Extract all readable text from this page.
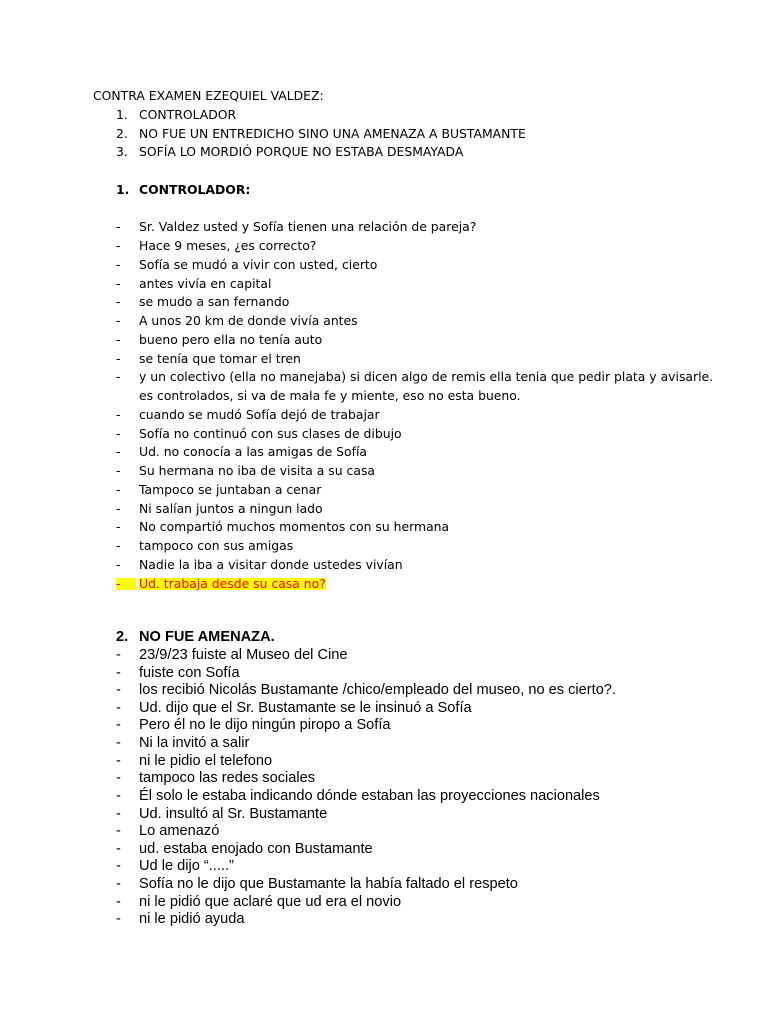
CONTRA EXAMEN EZEQUIEL VALDEZ:
1. CONTROLADOR
2. NO FUE UN ENTREDICHO SINO UNA AMENAZA A BUSTAMANTE
3. SOFÍA LO MORDIÓ PORQUE NO ESTABA DESMAYADA
1. CONTROLADOR:
- Sr. Valdez usted y Sofía tienen una relación de pareja?
- Hace 9 meses, ¿es correcto?
- Sofía se mudó a vivir con usted, cierto
- antes vivía en capital
- se mudo a san fernando
- A unos 20 km de donde vivía antes
- bueno pero ella no tenía auto
- se tenía que tomar el tren
- y un colectivo (ella no manejaba) si dicen algo de remis ella tenia que pedir plata y avisarle.
es controlados, si va de mala fe y miente, eso no esta bueno.
- cuando se mudó Sofía dejó de trabajar
- Sofía no continuó con sus clases de dibujo
- Ud. no conocía a las amigas de Sofía
- Su hermana no iba de visita a su casa
- Tampoco se juntaban a cenar
- Ni salían juntos a ningun lado
- No compartió muchos momentos con su hermana
- tampoco con sus amigas
- Nadie la iba a visitar donde ustedes vivían
-	Ud. trabaja desde su casa no?
2. NO FUE AMENAZA.
- 23/9/23 fuiste al Museo del Cine
- fuiste con Sofía
- los recibió Nicolás Bustamante /chico/empleado del museo, no es cierto?.
- Ud. dijo que el Sr. Bustamante se le insinuó a Sofía
- Pero él no le dijo ningún piropo a Sofía
- Ni la invitó a salir
- ni le pidio el telefono
- tampoco las redes sociales
- Él solo le estaba indicando dónde estaban las proyecciones nacionales
- Ud. insultó al Sr. Bustamante
- Lo amenazó
- ud. estaba enojado con Bustamante
- Ud le dijo “.....”
- Sofía no le dijo que Bustamante la había faltado el respeto
- ni le pidió que aclaré que ud era el novio
- ni le pidió ayuda
